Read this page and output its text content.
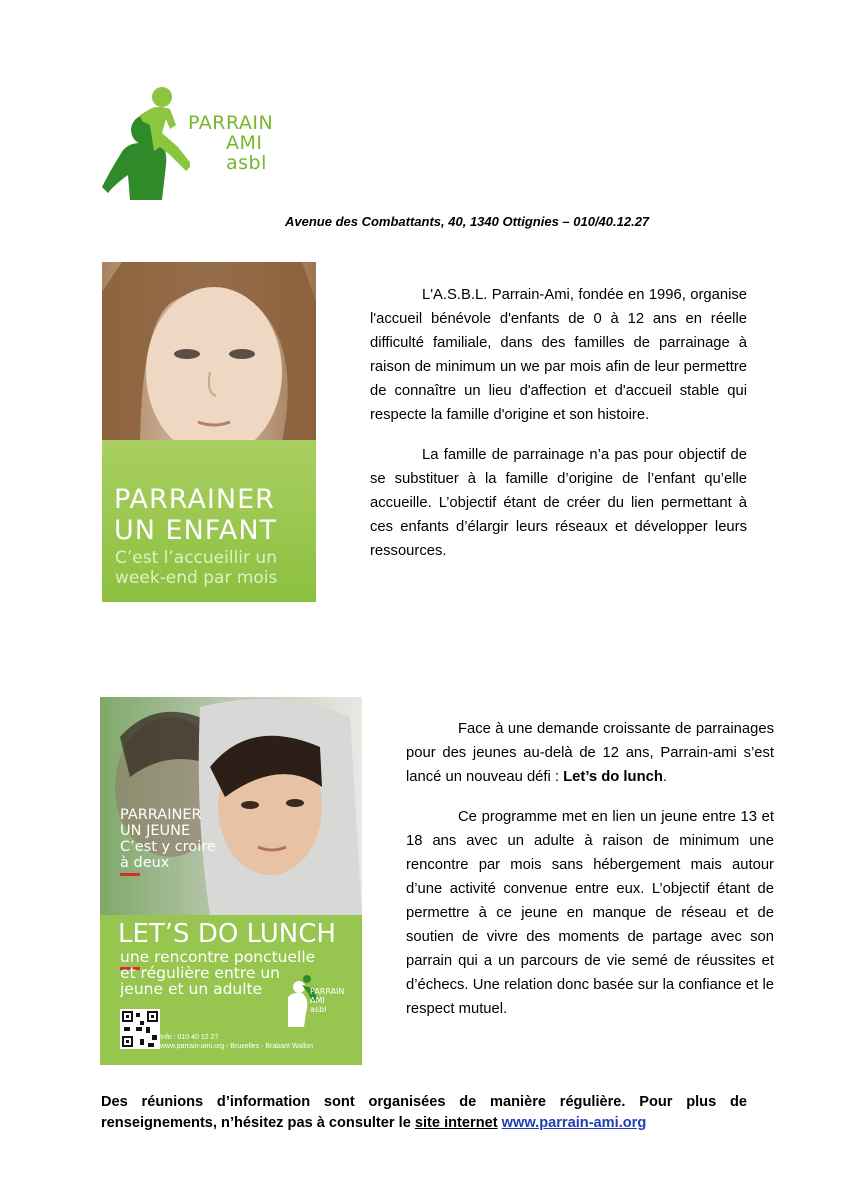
PARRAIN
AMI
asbl
Avenue des Combattants, 40, 1340 Ottignies – 010/40.12.27
PARRAINER
UN ENFANT
C’est l’accueillir un
week-end par mois

L'A.S.B.L. Parrain-Ami, fondée en 1996, organise l'accueil bénévole d'enfants de 0 à 12 ans en réelle difficulté familiale, dans des familles de parrainage à raison de minimum un we par mois afin de leur permettre de connaître un lieu d'affection et d'accueil stable qui respecte la famille d'origine et son histoire.

La famille de parrainage n’a pas pour objectif de se substituer à la famille d’origine de l’enfant qu’elle accueille. L’objectif étant de créer du lien permettant à ces enfants d’élargir leurs réseaux et développer leurs ressources.

PARRAINER
UN JEUNE
C’est y croire
à deux
LET’S DO LUNCH
une rencontre ponctuelle
et régulière entre un
jeune et un adulte	PARRAIN
AMI
asbl
Info : 010 40 12 27
www.parrain-ami.org - Bruxelles - Brabant Wallon

Face à une demande croissante de parrainages pour des jeunes au-delà de 12 ans, Parrain-ami s’est lancé un nouveau défi : Let’s do lunch.

Ce programme met en lien un jeune entre 13 et 18 ans avec un adulte à raison de minimum une rencontre par mois sans hébergement mais autour d’une activité convenue entre eux. L’objectif étant de permettre à ce jeune en manque de réseau et de soutien de vivre des moments de partage avec son parrain qui a un parcours de vie semé de réussites et d’échecs. Une relation donc basée sur la confiance et le respect mutuel.

Des réunions d’information sont organisées de manière régulière. Pour plus de renseignements, n’hésitez pas à consulter le site internet www.parrain-ami.org
